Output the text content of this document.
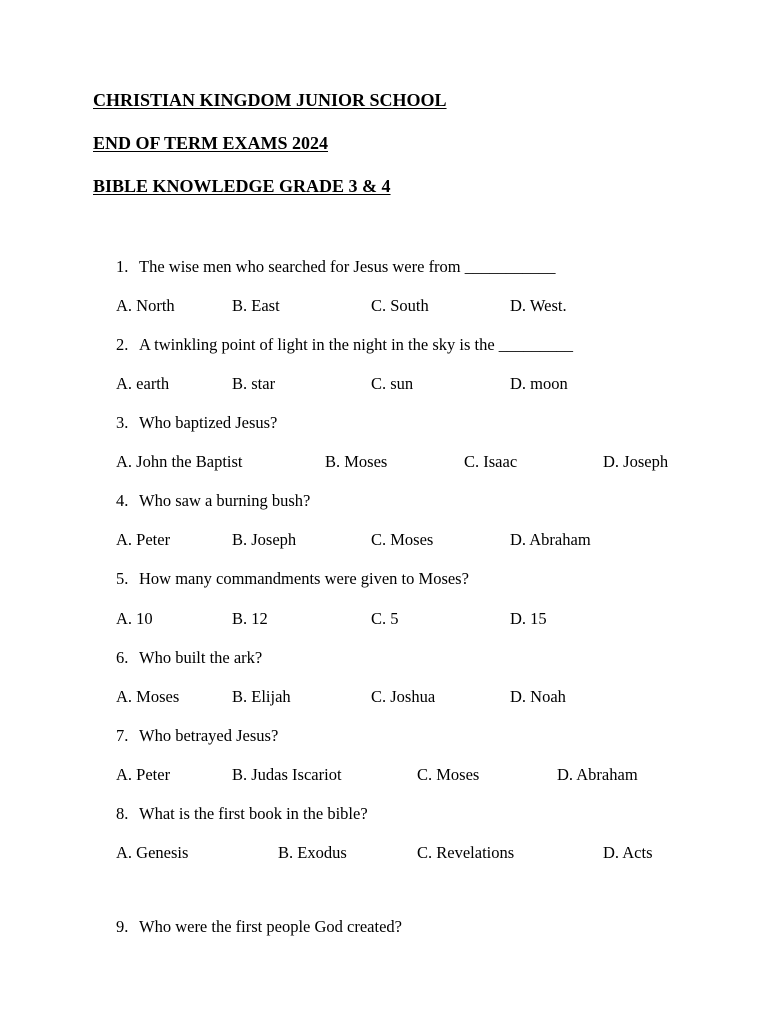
CHRISTIAN KINGDOM JUNIOR SCHOOL
END OF TERM EXAMS 2024
BIBLE KNOWLEDGE GRADE 3 & 4
1. The wise men who searched for Jesus were from ___________
A. North	B. East	C. South	D. West.
2. A twinkling point of light in the night in the sky is the _________
A. earth	B. star	C. sun	D. moon
3. Who baptized Jesus?
A. John the Baptist	B. Moses	C. Isaac	D. Joseph
4. Who saw a burning bush?
A. Peter	B. Joseph	C. Moses	D. Abraham
5. How many commandments were given to Moses?
A. 10	B. 12	C. 5	D. 15
6. Who built the ark?
A. Moses	B. Elijah	C. Joshua	D. Noah
7. Who betrayed Jesus?
A. Peter	B. Judas Iscariot	C. Moses	D. Abraham
8. What is the first book in the bible?
A. Genesis	B. Exodus	C. Revelations	D. Acts
9. Who were the first people God created?
